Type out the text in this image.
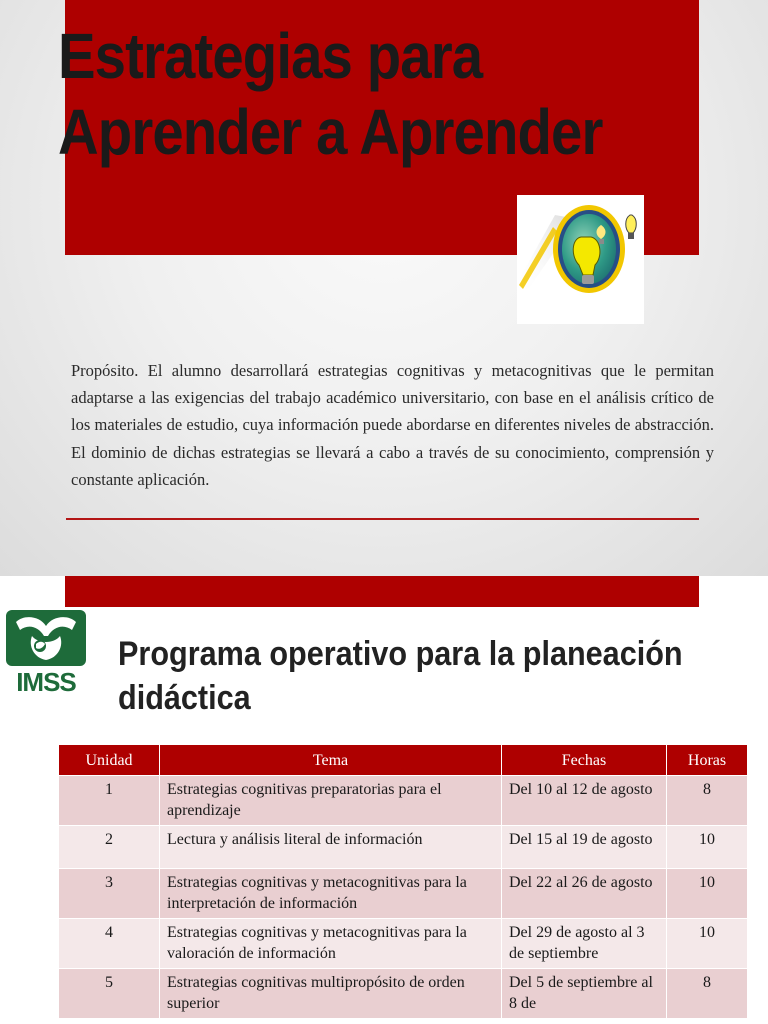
Estrategias para Aprender a Aprender

Propósito. El alumno desarrollará estrategias cognitivas y metacognitivas que le permitan adaptarse a las exigencias del trabajo académico universitario, con base en el análisis crítico de los materiales de estudio, cuya información puede abordarse en diferentes niveles de abstracción. El dominio de dichas estrategias se llevará a cabo a través de su conocimiento, comprensión y constante aplicación.

IMSS
Programa operativo para la planeación didáctica
Unidad	Tema	Fechas	Horas
1	Estrategias cognitivas preparatorias para el aprendizaje	Del 10 al 12 de agosto	8
2	Lectura y análisis literal de información	Del 15 al 19 de agosto	10
3	Estrategias cognitivas y metacognitivas para la interpretación de información	Del 22 al 26 de agosto	10
4	Estrategias cognitivas y metacognitivas para la valoración de información	Del 29 de agosto al 3 de septiembre	10
5	Estrategias cognitivas multipropósito de orden superior	Del 5 de septiembre al 8 de	8
